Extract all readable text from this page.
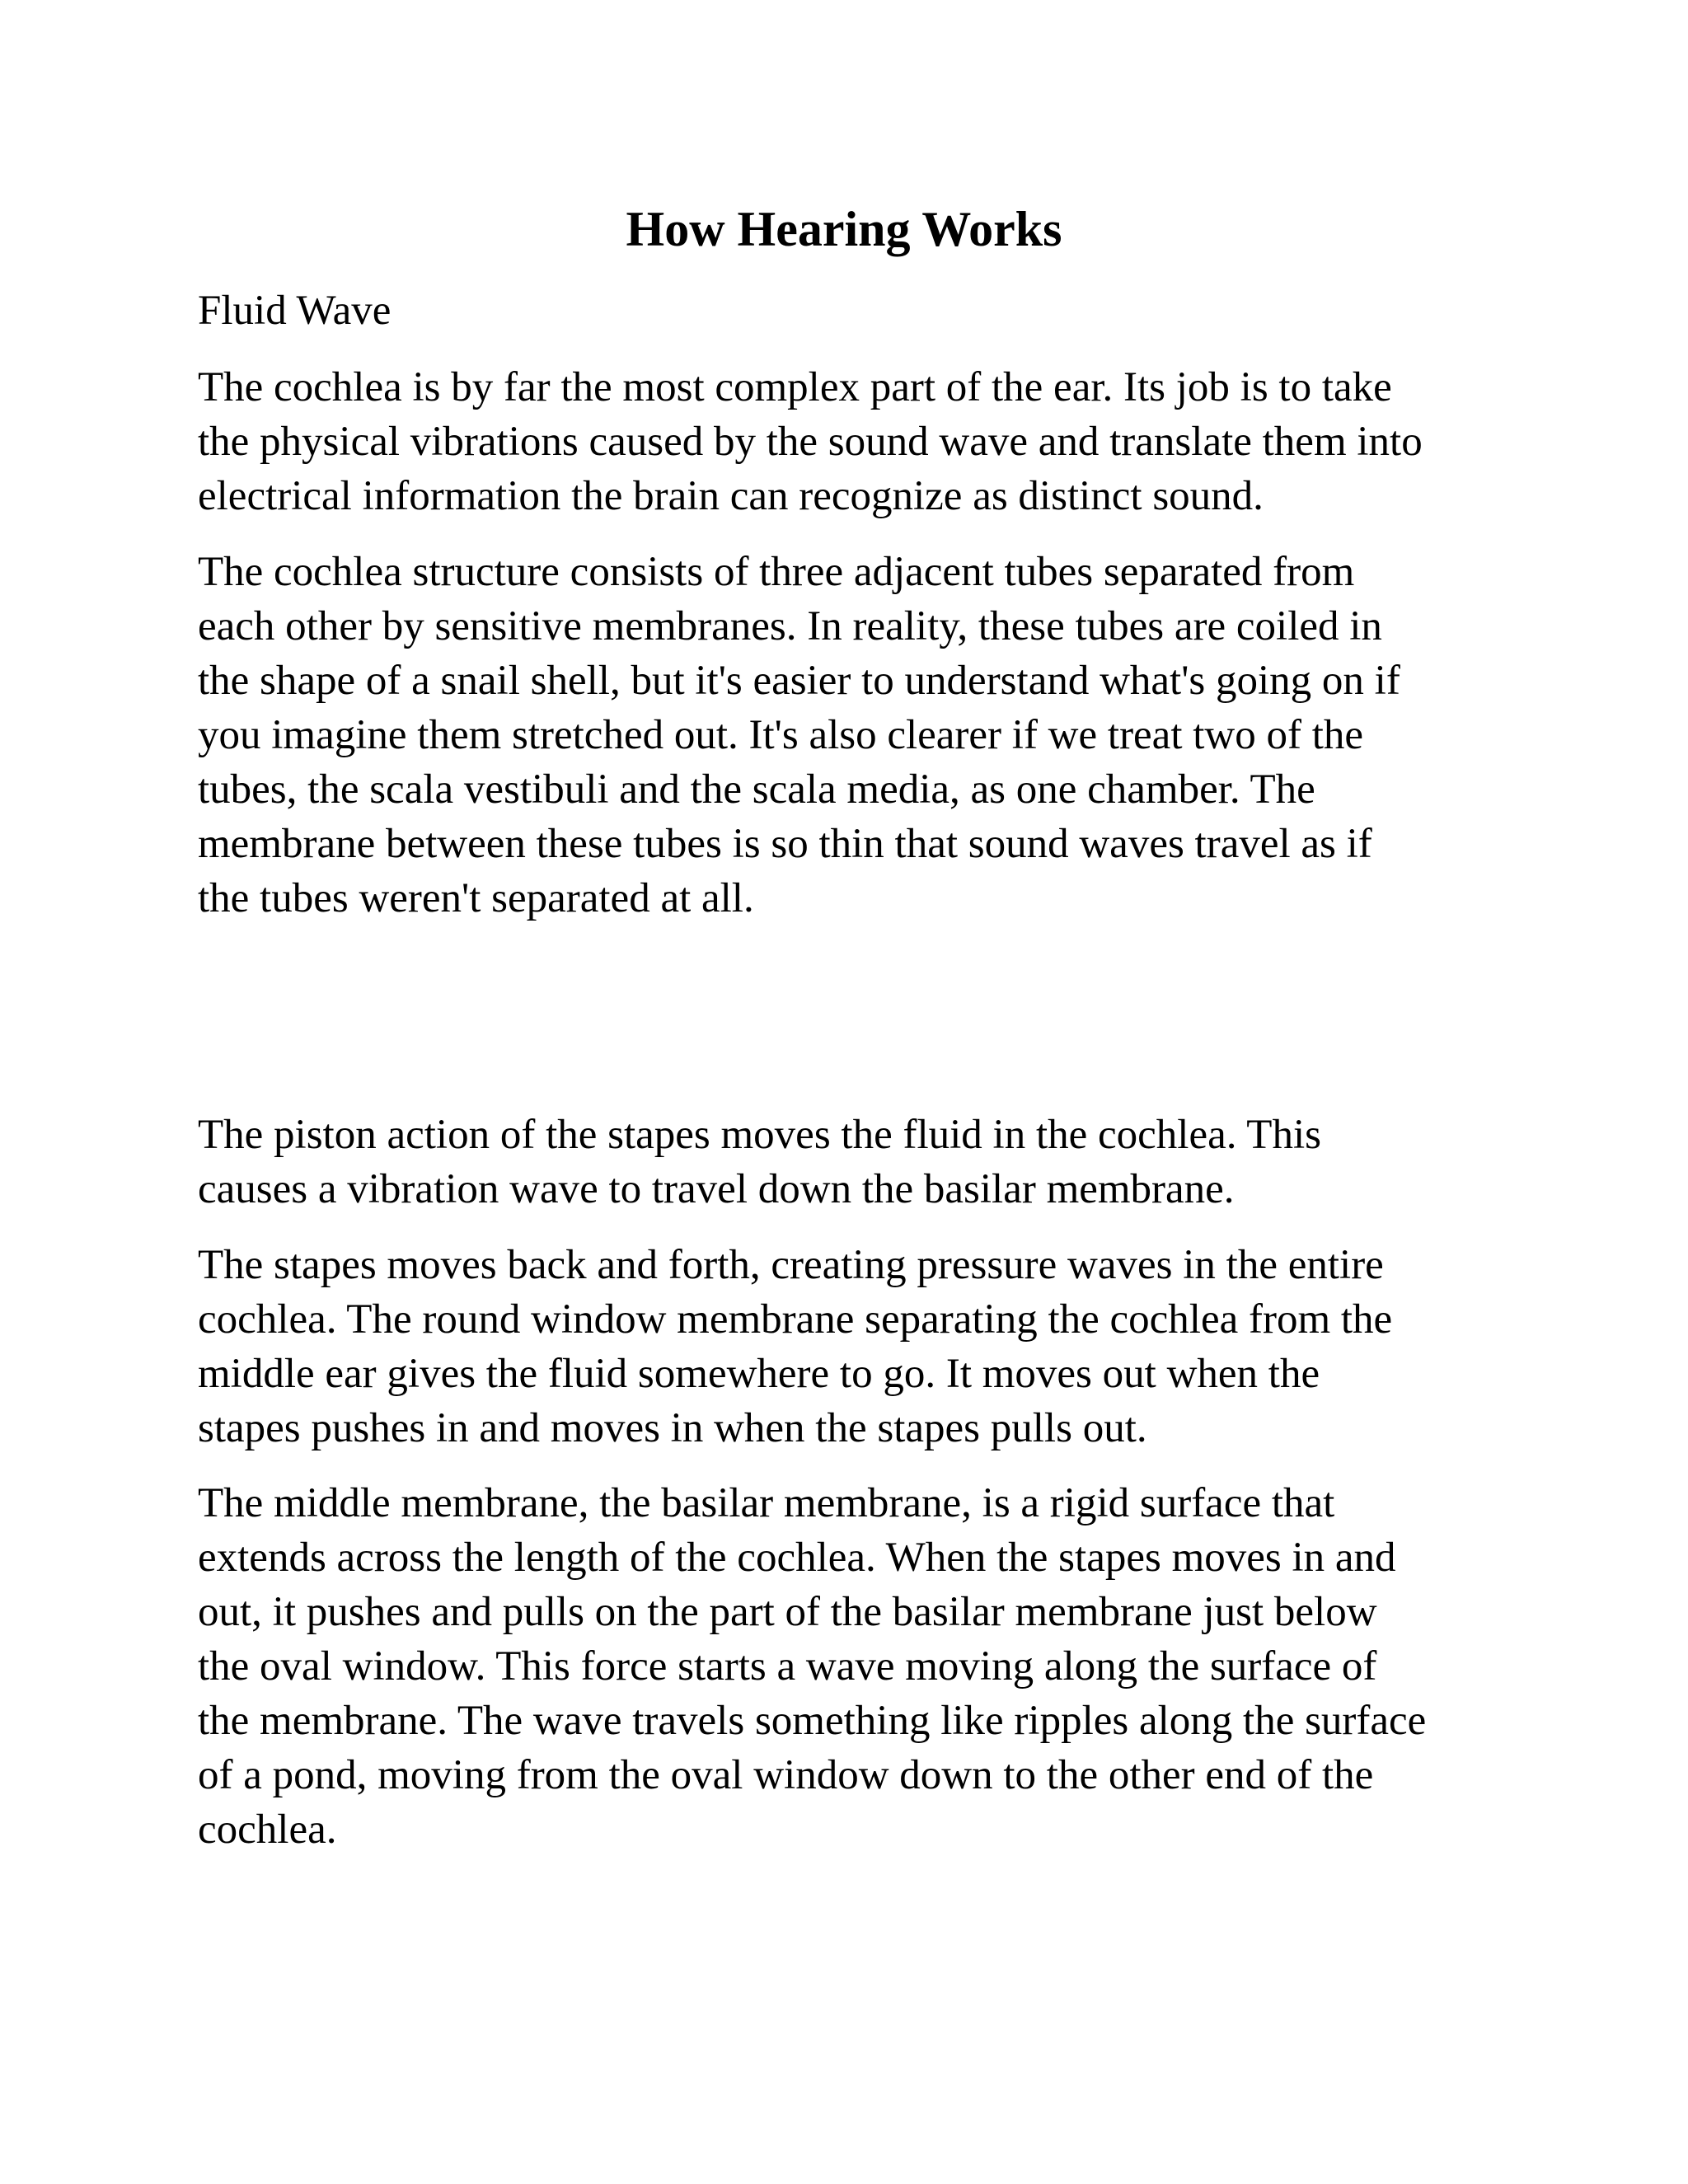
How Hearing Works
Fluid Wave

The cochlea is by far the most complex part of the ear. Its job is to take
the physical vibrations caused by the sound wave and translate them into
electrical information the brain can recognize as distinct sound.

The cochlea structure consists of three adjacent tubes separated from
each other by sensitive membranes. In reality, these tubes are coiled in
the shape of a snail shell, but it's easier to understand what's going on if
you imagine them stretched out. It's also clearer if we treat two of the
tubes, the scala vestibuli and the scala media, as one chamber. The
membrane between these tubes is so thin that sound waves travel as if
the tubes weren't separated at all.

The piston action of the stapes moves the fluid in the cochlea. This
causes a vibration wave to travel down the basilar membrane.

The stapes moves back and forth, creating pressure waves in the entire
cochlea. The round window membrane separating the cochlea from the
middle ear gives the fluid somewhere to go. It moves out when the
stapes pushes in and moves in when the stapes pulls out.

The middle membrane, the basilar membrane, is a rigid surface that
extends across the length of the cochlea. When the stapes moves in and
out, it pushes and pulls on the part of the basilar membrane just below
the oval window. This force starts a wave moving along the surface of
the membrane. The wave travels something like ripples along the surface
of a pond, moving from the oval window down to the other end of the
cochlea.
